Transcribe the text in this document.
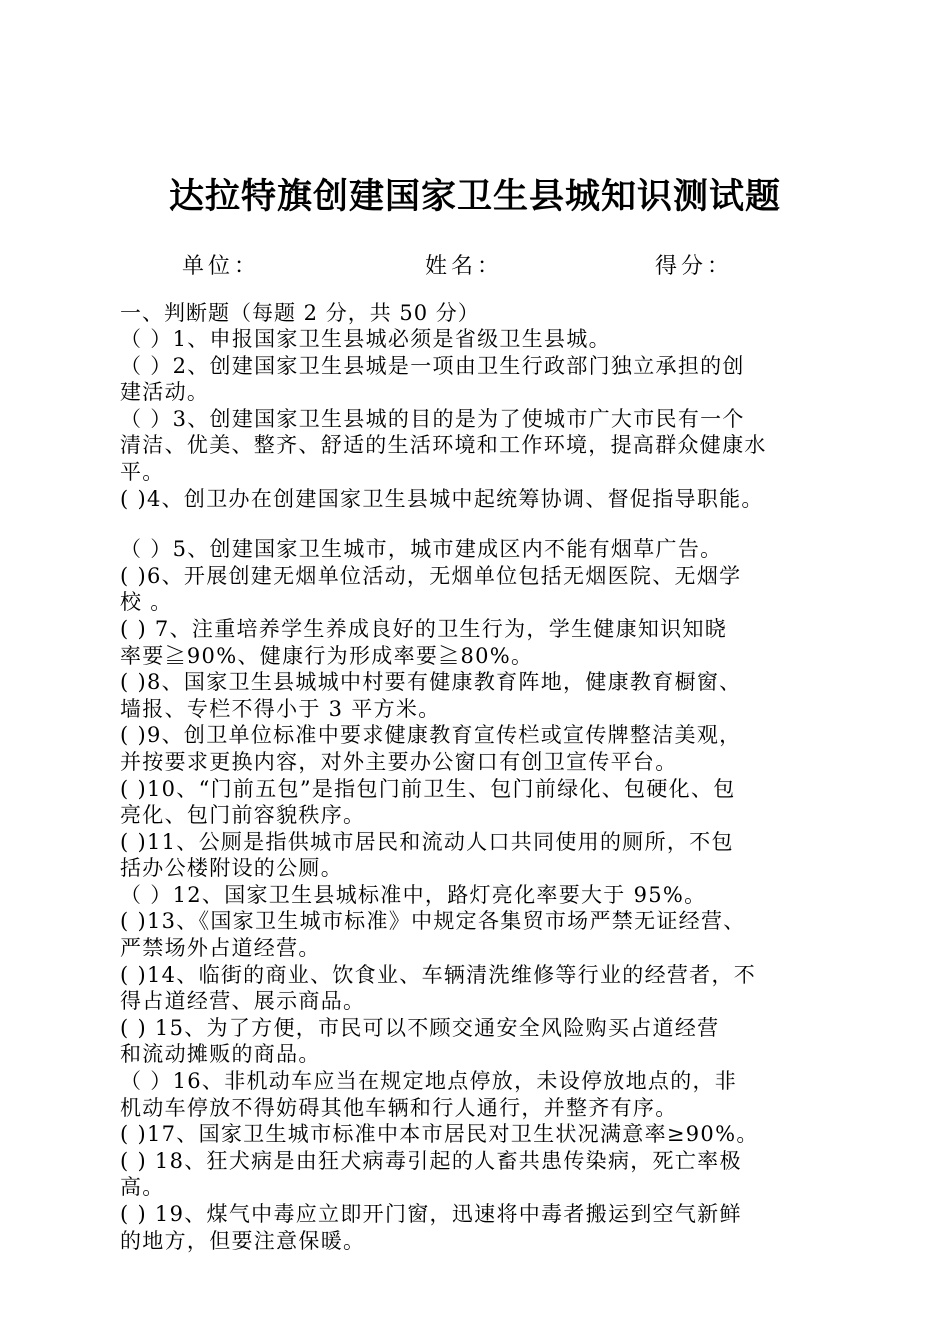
达拉特旗创建国家卫生县城知识测试题
单位：	姓名：	得分：
一、判断题（每题 2 分，共 50 分）
（ ）1、申报国家卫生县城必须是省级卫生县城。
（ ）2、创建国家卫生县城是一项由卫生行政部门独立承担的创
建活动。
（ ）3、创建国家卫生县城的目的是为了使城市广大市民有一个
清洁、优美、整齐、舒适的生活环境和工作环境，提高群众健康水
平。
( )4、创卫办在创建国家卫生县城中起统筹协调、督促指导职能。
（ ）5、创建国家卫生城市，城市建成区内不能有烟草广告。
( )6、开展创建无烟单位活动，无烟单位包括无烟医院、无烟学
校 。
( ) 7、注重培养学生养成良好的卫生行为，学生健康知识知晓
率要≧90%、健康行为形成率要≧80%。
( )8、国家卫生县城城中村要有健康教育阵地，健康教育橱窗、
墙报、专栏不得小于 3 平方米。
( )9、创卫单位标准中要求健康教育宣传栏或宣传牌整洁美观，
并按要求更换内容，对外主要办公窗口有创卫宣传平台。
( )10、“门前五包”是指包门前卫生、包门前绿化、包硬化、包
亮化、包门前容貌秩序。
( )11、公厕是指供城市居民和流动人口共同使用的厕所，不包
括办公楼附设的公厕。
（ ）12、国家卫生县城标准中，路灯亮化率要大于 95%。
( )13、《国家卫生城市标准》中规定各集贸市场严禁无证经营、
严禁场外占道经营。
( )14、临街的商业、饮食业、车辆清洗维修等行业的经营者，不
得占道经营、展示商品。
( ) 15、为了方便，市民可以不顾交通安全风险购买占道经营
和流动摊贩的商品。
（ ）16、非机动车应当在规定地点停放，未设停放地点的，非
机动车停放不得妨碍其他车辆和行人通行，并整齐有序。
( )17、国家卫生城市标准中本市居民对卫生状况满意率≥90%。
( ) 18、狂犬病是由狂犬病毒引起的人畜共患传染病，死亡率极
高。
( ) 19、煤气中毒应立即开门窗，迅速将中毒者搬运到空气新鲜
的地方，但要注意保暖。
